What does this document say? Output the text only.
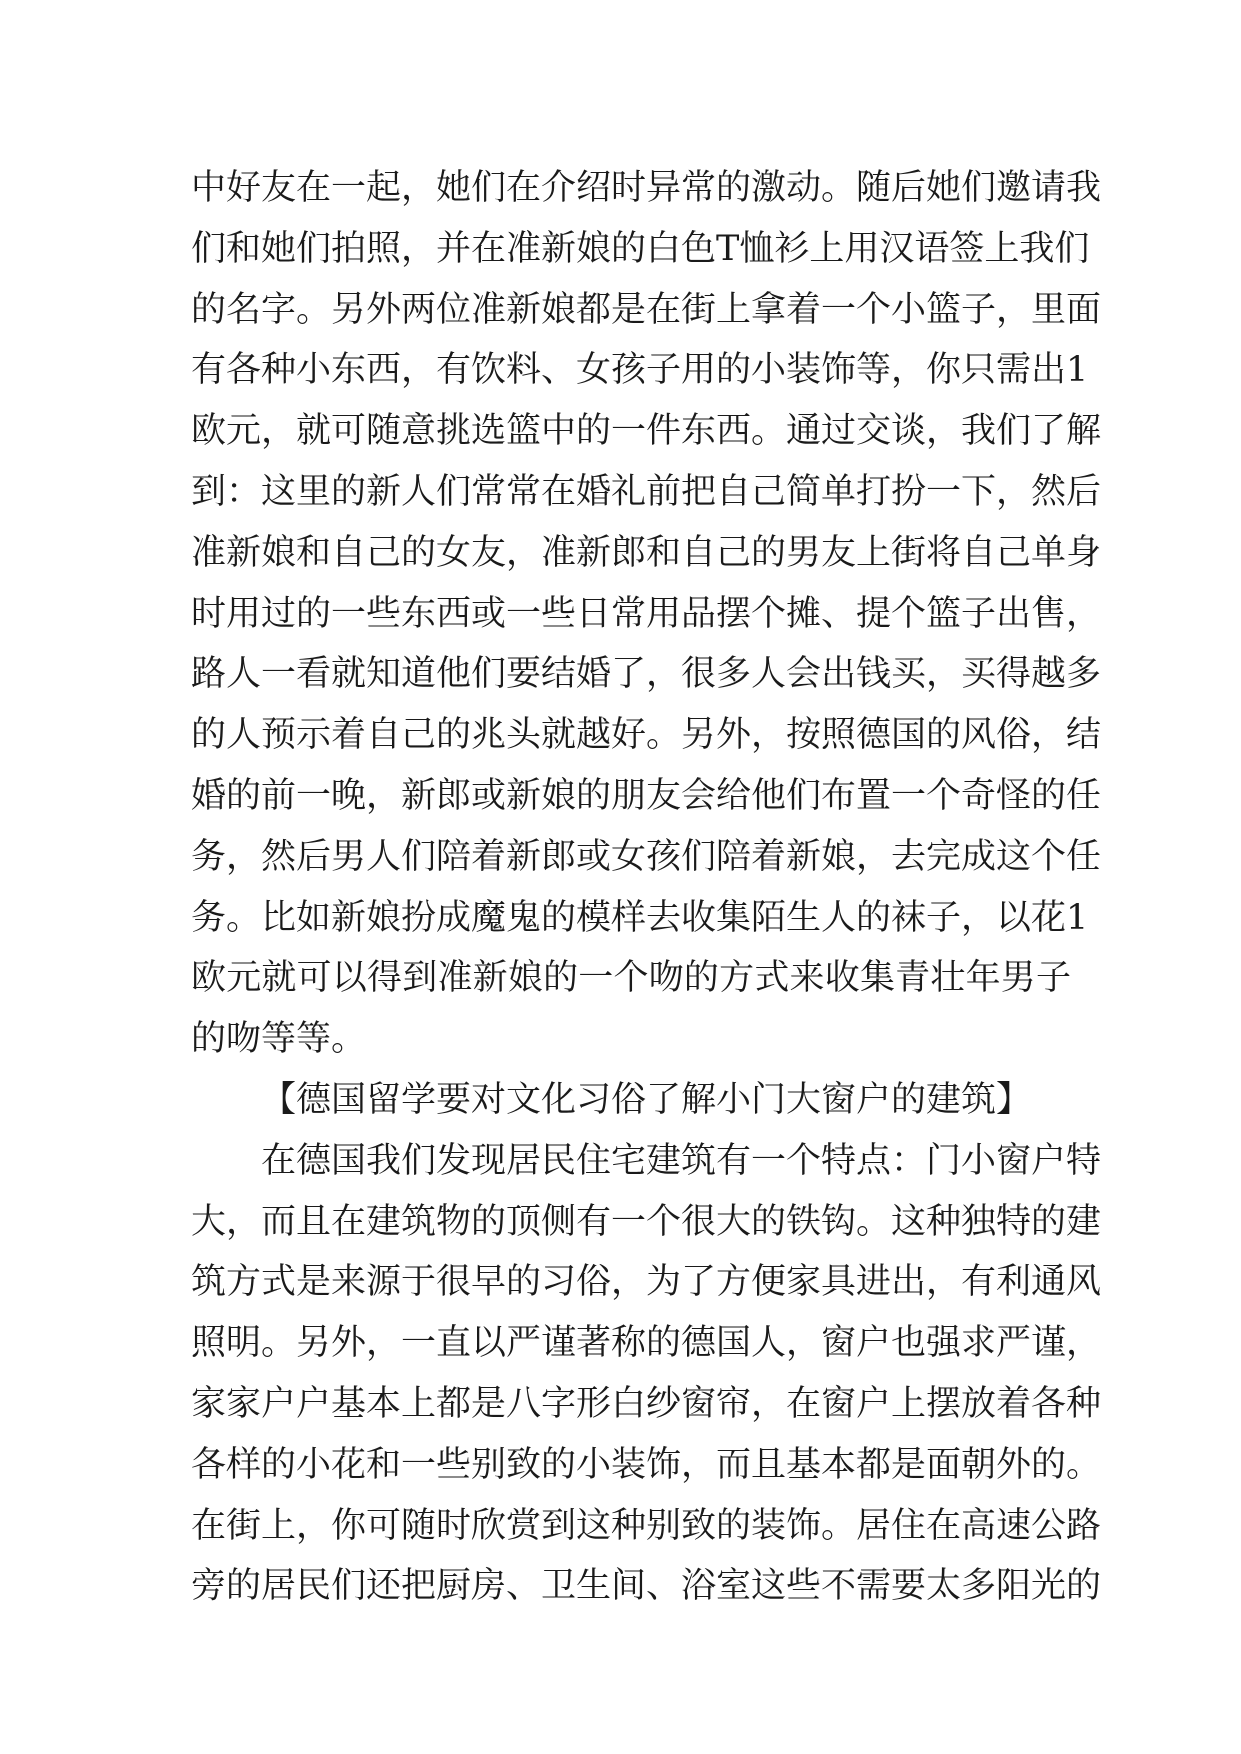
中好友在一起，她们在介绍时异常的激动。随后她们邀请我
们和她们拍照，并在准新娘的白色T恤衫上用汉语签上我们
的名字。另外两位准新娘都是在街上拿着一个小篮子，里面
有各种小东西，有饮料、女孩子用的小装饰等，你只需出1
欧元，就可随意挑选篮中的一件东西。通过交谈，我们了解
到：这里的新人们常常在婚礼前把自己简单打扮一下，然后
准新娘和自己的女友，准新郎和自己的男友上街将自己单身
时用过的一些东西或一些日常用品摆个摊、提个篮子出售，
路人一看就知道他们要结婚了，很多人会出钱买，买得越多
的人预示着自己的兆头就越好。另外，按照德国的风俗，结
婚的前一晚，新郎或新娘的朋友会给他们布置一个奇怪的任
务，然后男人们陪着新郎或女孩们陪着新娘，去完成这个任
务。比如新娘扮成魔鬼的模样去收集陌生人的袜子，以花1
欧元就可以得到准新娘的一个吻的方式来收集青壮年男子
的吻等等。
【德国留学要对文化习俗了解小门大窗户的建筑】
在德国我们发现居民住宅建筑有一个特点：门小窗户特
大，而且在建筑物的顶侧有一个很大的铁钩。这种独特的建
筑方式是来源于很早的习俗，为了方便家具进出，有利通风
照明。另外，一直以严谨著称的德国人，窗户也强求严谨，
家家户户基本上都是八字形白纱窗帘，在窗户上摆放着各种
各样的小花和一些别致的小装饰，而且基本都是面朝外的。
在街上，你可随时欣赏到这种别致的装饰。居住在高速公路
旁的居民们还把厨房、卫生间、浴室这些不需要太多阳光的
